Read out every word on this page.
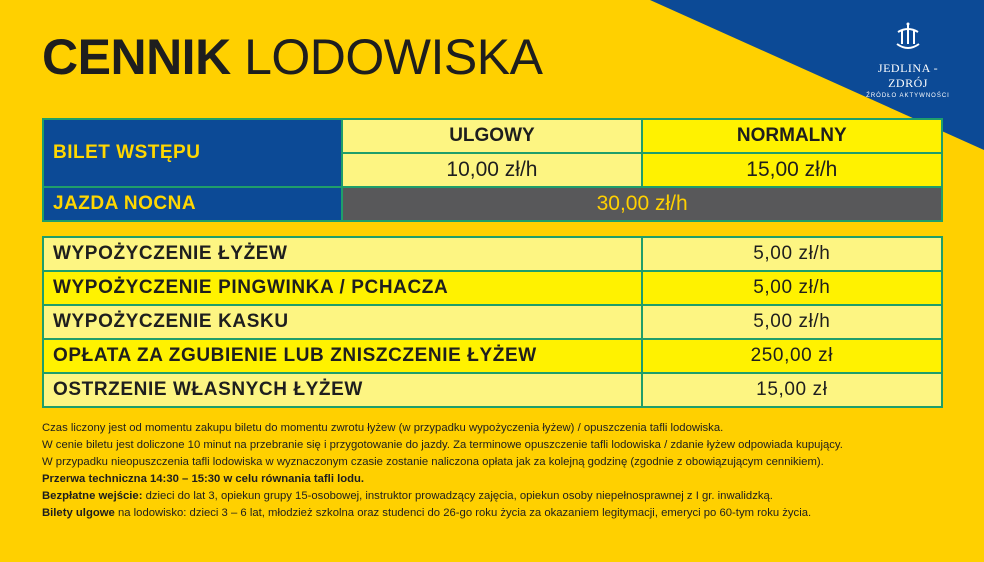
CENNIK LODOWISKA	JEDLINA - ZDRÓJ
ŹRÓDŁO AKTYWNOŚCI
BILET WSTĘPU	ULGOWY	NORMALNY
	10,00 zł/h	15,00 zł/h
JAZDA NOCNA	30,00 zł/h	
WYPOŻYCZENIE ŁYŻEW	5,00 zł/h
WYPOŻYCZENIE PINGWINKA / PCHACZA	5,00 zł/h
WYPOŻYCZENIE KASKU	5,00 zł/h
OPŁATA ZA ZGUBIENIE LUB ZNISZCZENIE ŁYŻEW	250,00 zł
OSTRZENIE WŁASNYCH ŁYŻEW	15,00 zł
Czas liczony jest od momentu zakupu biletu do momentu zwrotu łyżew (w przypadku wypożyczenia łyżew) / opuszczenia tafli lodowiska.
W cenie biletu jest doliczone 10 minut na przebranie się i przygotowanie do jazdy. Za terminowe opuszczenie tafli lodowiska / zdanie łyżew odpowiada kupujący.
W przypadku nieopuszczenia tafli lodowiska w wyznaczonym czasie zostanie naliczona opłata jak za kolejną godzinę (zgodnie z obowiązującym cennikiem).
Przerwa techniczna 14:30 – 15:30 w celu równania tafli lodu.
Bezpłatne wejście: dzieci do lat 3, opiekun grupy 15-osobowej, instruktor prowadzący zajęcia, opiekun osoby niepełnosprawnej z I gr. inwalidzką.
Bilety ulgowe na lodowisko: dzieci 3 – 6 lat, młodzież szkolna oraz studenci do 26-go roku życia za okazaniem legitymacji, emeryci po 60-tym roku życia.
